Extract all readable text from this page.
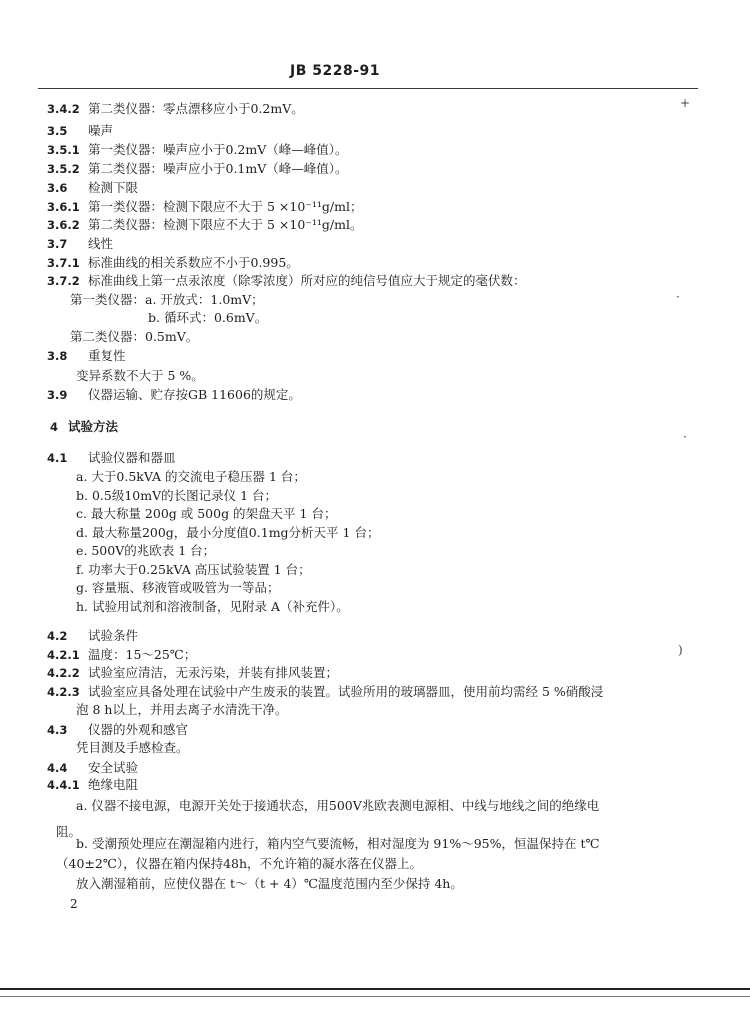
JB 5228-91
3.4.2 第二类仪器：零点漂移应小于0.2mV。
3.5 噪声
3.5.1 第一类仪器：噪声应小于0.2mV（峰—峰值）。
3.5.2 第二类仪器：噪声应小于0.1mV（峰—峰值）。
3.6 检测下限
3.6.1 第一类仪器：检测下限应不大于 5 ×10⁻¹¹g/ml；
3.6.2 第二类仪器：检测下限应不大于 5 ×10⁻¹¹g/ml。
3.7 线性
3.7.1 标准曲线的相关系数应不小于0.995。
3.7.2 标准曲线上第一点汞浓度（除零浓度）所对应的纯信号值应大于规定的毫伏数：
第一类仪器：a. 开放式：1.0mV；
b. 循环式：0.6mV。
第二类仪器：0.5mV。
3.8 重复性
变异系数不大于 5 %。
3.9 仪器运输、贮存按GB 11606的规定。
4 试验方法
4.1 试验仪器和器皿
a. 大于0.5kVA 的交流电子稳压器 1 台；
b. 0.5级10mV的长图记录仪 1 台；
c. 最大称量 200g 或 500g 的架盘天平 1 台；
d. 最大称量200g，最小分度值0.1mg分析天平 1 台；
e. 500V的兆欧表 1 台；
f. 功率大于0.25kVA 高压试验装置 1 台；
g. 容量瓶、移液管或吸管为一等品；
h. 试验用试剂和溶液制备，见附录 A（补充件）。
4.2 试验条件
4.2.1 温度：15～25℃；
4.2.2 试验室应清洁，无汞污染，并装有排风装置；
4.2.3 试验室应具备处理在试验中产生废汞的装置。试验所用的玻璃器皿，使用前均需经 5 %硝酸浸
泡 8 h以上，并用去离子水清洗干净。
4.3 仪器的外观和感官
凭目测及手感检查。
4.4 安全试验
4.4.1 绝缘电阻
a. 仪器不接电源，电源开关处于接通状态，用500V兆欧表测电源相、中线与地线之间的绝缘电
阻。
b. 受潮预处理应在潮湿箱内进行，箱内空气要流畅，相对湿度为 91%～95%，恒温保持在 t℃
（40±2℃），仪器在箱内保持48h，不允许箱的凝水落在仪器上。
放入潮湿箱前，应使仪器在 t～（t + 4）℃温度范围内至少保持 4h。
2
+
·
·
)
